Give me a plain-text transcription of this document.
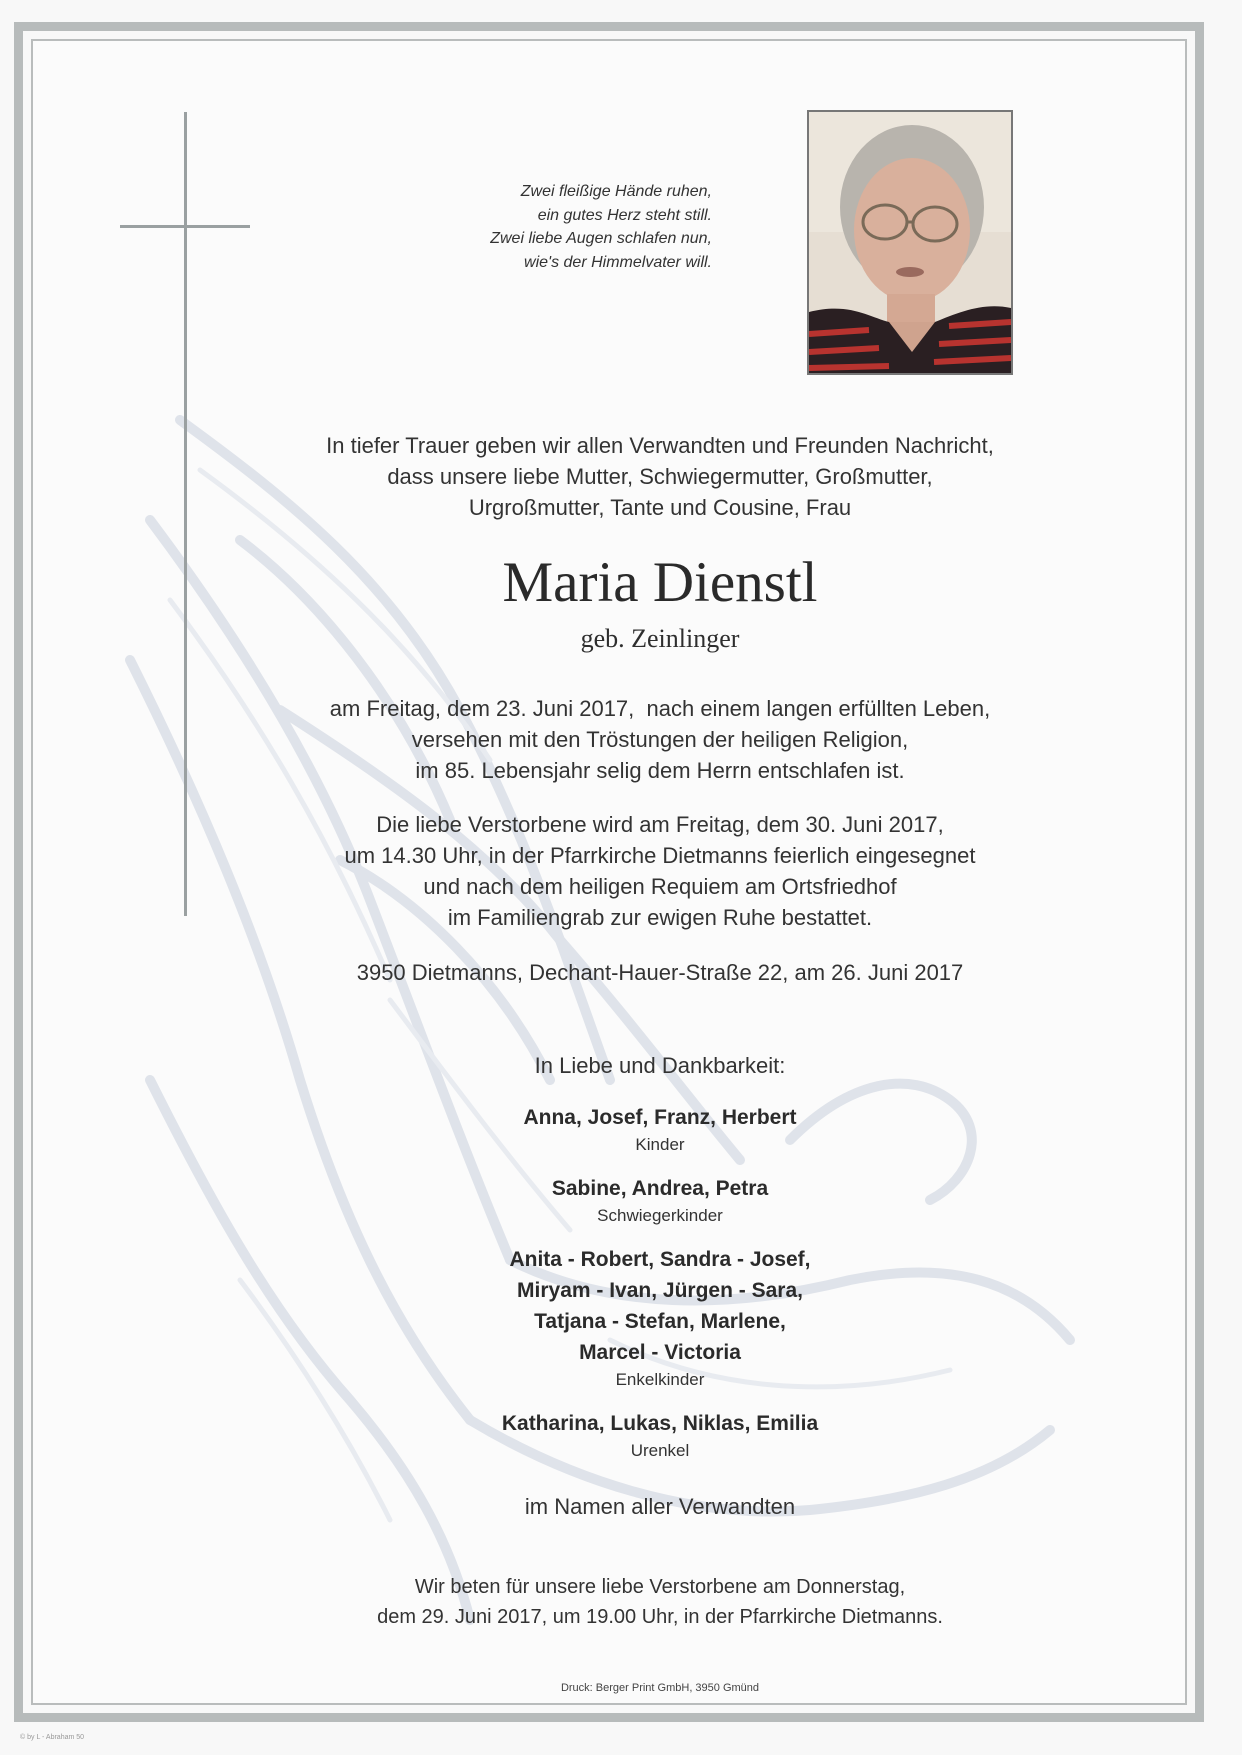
Zwei fleißige Hände ruhen,
ein gutes Herz steht still.
Zwei liebe Augen schlafen nun,
wie's der Himmelvater will.
In tiefer Trauer geben wir allen Verwandten und Freunden Nachricht,
dass unsere liebe Mutter, Schwiegermutter, Großmutter,
Urgroßmutter, Tante und Cousine, Frau
Maria Dienstl
geb. Zeinlinger
am Freitag, dem 23. Juni 2017,  nach einem langen erfüllten Leben,
versehen mit den Tröstungen der heiligen Religion,
im 85. Lebensjahr selig dem Herrn entschlafen ist.
Die liebe Verstorbene wird am Freitag, dem 30. Juni 2017,
um 14.30 Uhr, in der Pfarrkirche Dietmanns feierlich eingesegnet
und nach dem heiligen Requiem am Ortsfriedhof
im Familiengrab zur ewigen Ruhe bestattet.
3950 Dietmanns, Dechant-Hauer-Straße 22, am 26. Juni 2017
In Liebe und Dankbarkeit:
Anna, Josef, Franz, Herbert
Kinder
Sabine, Andrea, Petra
Schwiegerkinder
Anita - Robert, Sandra - Josef,
Miryam - Ivan, Jürgen - Sara,
Tatjana - Stefan, Marlene,
Marcel - Victoria
Enkelkinder
Katharina, Lukas, Niklas, Emilia
Urenkel
im Namen aller Verwandten
Wir beten für unsere liebe Verstorbene am Donnerstag,
dem 29. Juni 2017, um 19.00 Uhr, in der Pfarrkirche Dietmanns.
Druck: Berger Print GmbH, 3950 Gmünd
© by L - Abraham 50
